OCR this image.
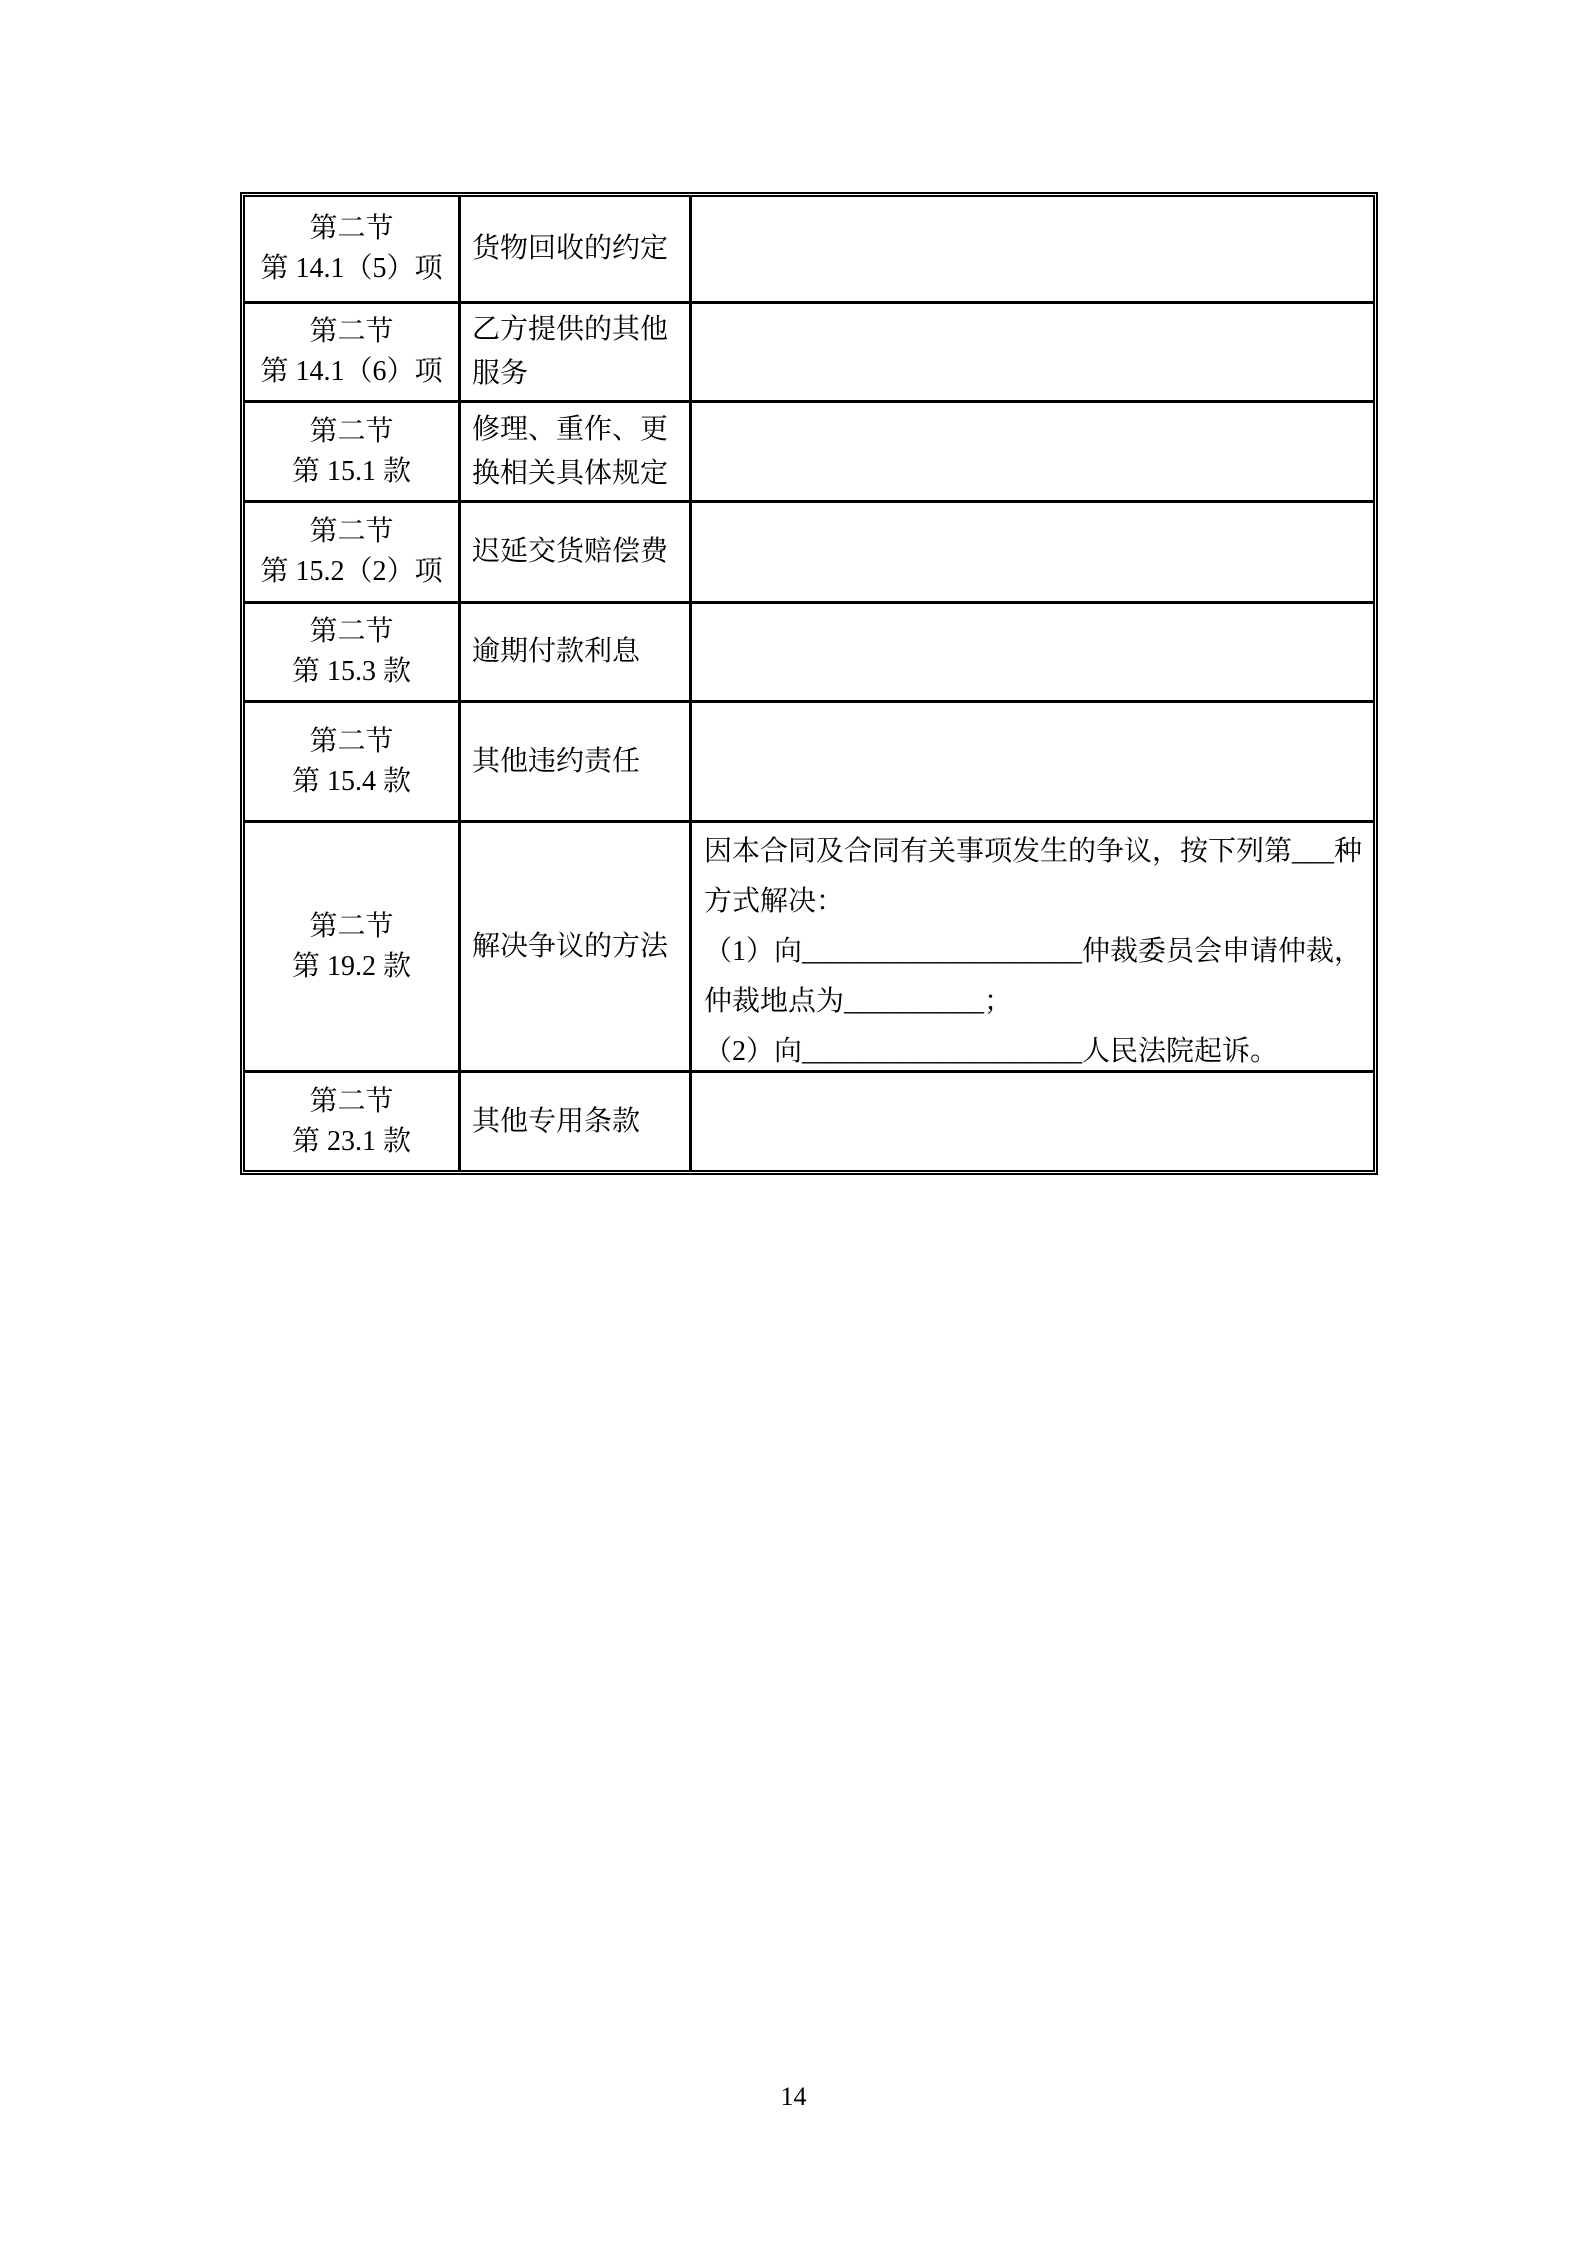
第二节
第 14.1（5）项
货物回收的约定
第二节
第 14.1（6）项
乙方提供的其他服务
第二节
第 15.1 款
修理、重作、更换相关具体规定
第二节
第 15.2（2）项
迟延交货赔偿费
第二节
第 15.3 款
逾期付款利息
第二节
第 15.4 款
其他违约责任
第二节
第 19.2 款
解决争议的方法
因本合同及合同有关事项发生的争议，按下列第___种
方式解决：
（1）向____________________仲裁委员会申请仲裁，
仲裁地点为__________；
（2）向____________________人民法院起诉。
第二节
第 23.1 款
其他专用条款
14
